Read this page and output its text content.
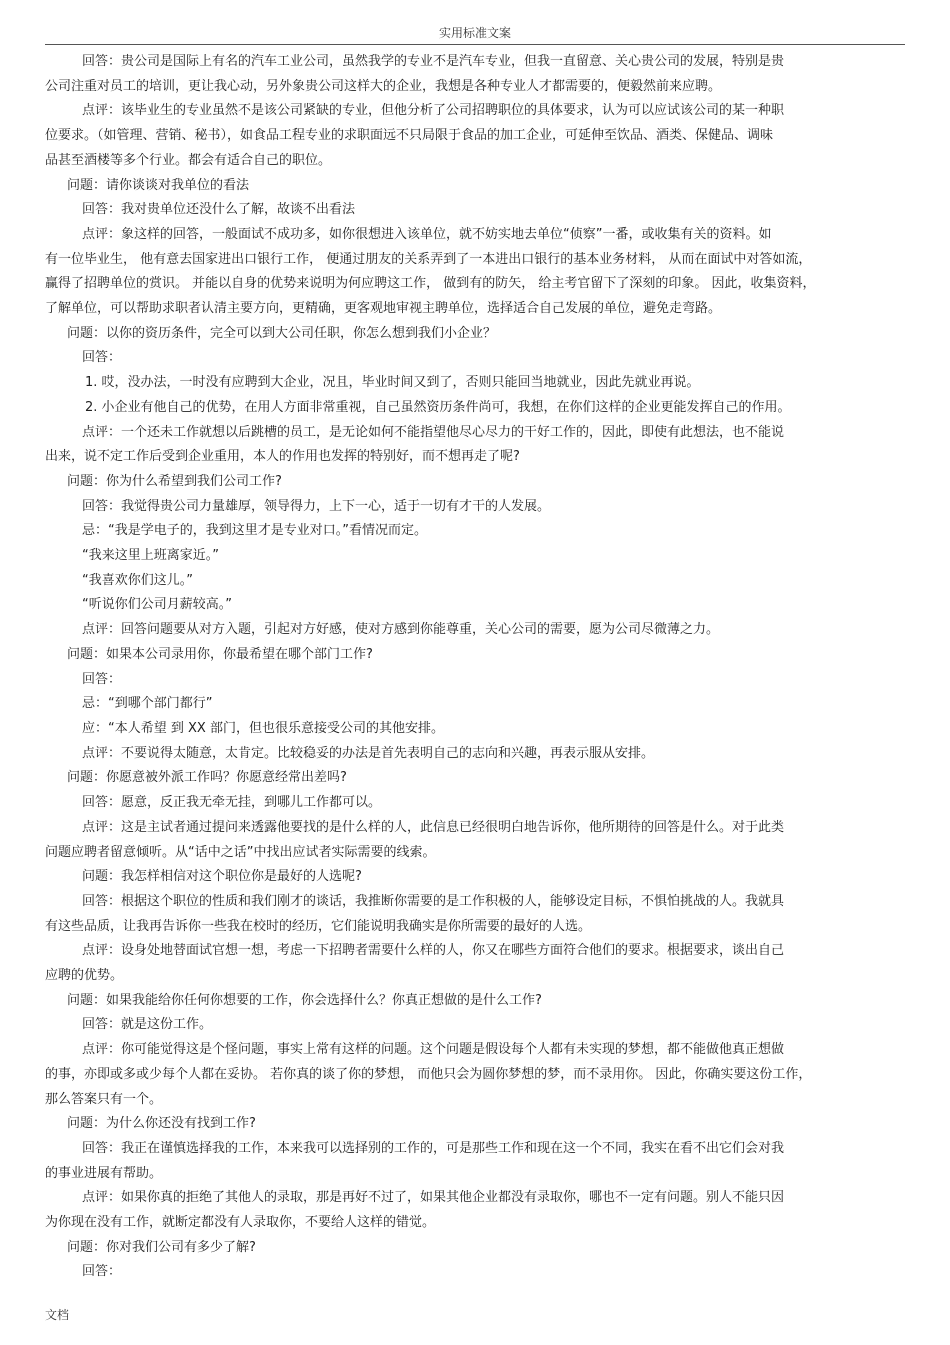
实用标准文案

回答：贵公司是国际上有名的汽车工业公司，虽然我学的专业不是汽车专业，但我一直留意、关心贵公司的发展，特别是贵

公司注重对员工的培训，更让我心动，另外象贵公司这样大的企业，我想是各种专业人才都需要的，便毅然前来应聘。

点评：该毕业生的专业虽然不是该公司紧缺的专业，但他分析了公司招聘职位的具体要求，认为可以应试该公司的某一种职

位要求。（如管理、营销、秘书），如食品工程专业的求职面远不只局限于食品的加工企业，可延伸至饮品、酒类、保健品、调味

品甚至酒楼等多个行业。都会有适合自己的职位。

问题：请你谈谈对我单位的看法

回答：我对贵单位还没什么了解，故谈不出看法

点评：象这样的回答，一般面试不成功多，如你很想进入该单位，就不妨实地去单位“侦察”一番，或收集有关的资料。如

有一位毕业生， 他有意去国家进出口银行工作， 便通过朋友的关系弄到了一本进出口银行的基本业务材料， 从而在面试中对答如流，

赢得了招聘单位的赏识。 并能以自身的优势来说明为何应聘这工作， 做到有的防矢， 给主考官留下了深刻的印象。 因此，收集资料，

了解单位，可以帮助求职者认清主要方向，更精确，更客观地审视主聘单位，选择适合自己发展的单位，避免走弯路。

问题：以你的资历条件，完全可以到大公司任职，你怎么想到我们小企业？

回答：

1. 哎，没办法，一时没有应聘到大企业，况且，毕业时间又到了，否则只能回当地就业，因此先就业再说。

2. 小企业有他自己的优势，在用人方面非常重视，自己虽然资历条件尚可，我想，在你们这样的企业更能发挥自己的作用。

点评：一个还未工作就想以后跳槽的员工，是无论如何不能指望他尽心尽力的干好工作的，因此，即使有此想法，也不能说

出来，说不定工作后受到企业重用，本人的作用也发挥的特别好，而不想再走了呢?

问题：你为什么希望到我们公司工作?

回答：我觉得贵公司力量雄厚，领导得力，上下一心，适于一切有才干的人发展。

忌：“我是学电子的，我到这里才是专业对口。”看情况而定。

“我来这里上班离家近。”

“我喜欢你们这儿。”

“听说你们公司月薪较高。”

点评：回答问题要从对方入题，引起对方好感，使对方感到你能尊重，关心公司的需要，愿为公司尽微薄之力。

问题：如果本公司录用你，你最希望在哪个部门工作?

回答：

忌：“到哪个部门都行”

应：“本人希望 到 XX 部门，但也很乐意接受公司的其他安排。

点评：不要说得太随意，太肯定。比较稳妥的办法是首先表明自己的志向和兴趣，再表示服从安排。

问题：你愿意被外派工作吗？你愿意经常出差吗?

回答：愿意，反正我无牵无挂，到哪儿工作都可以。

点评：这是主试者通过提问来透露他要找的是什么样的人，此信息已经很明白地告诉你，他所期待的回答是什么。对于此类

问题应聘者留意倾听。从“话中之话”中找出应试者实际需要的线索。

问题：我怎样相信对这个职位你是最好的人选呢?

回答：根据这个职位的性质和我们刚才的谈话，我推断你需要的是工作积极的人，能够设定目标，不惧怕挑战的人。我就具

有这些品质，让我再告诉你一些我在校时的经历，它们能说明我确实是你所需要的最好的人选。

点评：设身处地替面试官想一想，考虑一下招聘者需要什么样的人，你又在哪些方面符合他们的要求。根据要求，谈出自己

应聘的优势。

问题：如果我能给你任何你想要的工作，你会选择什么？你真正想做的是什么工作?

回答：就是这份工作。

点评：你可能觉得这是个怪问题，事实上常有这样的问题。这个问题是假设每个人都有未实现的梦想，都不能做他真正想做

的事，亦即或多或少每个人都在妥协。 若你真的谈了你的梦想， 而他只会为圆你梦想的梦，而不录用你。 因此，你确实要这份工作，

那么答案只有一个。

问题：为什么你还没有找到工作?

回答：我正在谨慎选择我的工作，本来我可以选择别的工作的，可是那些工作和现在这一个不同，我实在看不出它们会对我

的事业进展有帮助。

点评：如果你真的拒绝了其他人的录取，那是再好不过了，如果其他企业都没有录取你，哪也不一定有问题。别人不能只因

为你现在没有工作，就断定都没有人录取你，不要给人这样的错觉。

问题：你对我们公司有多少了解?

回答：

文档
